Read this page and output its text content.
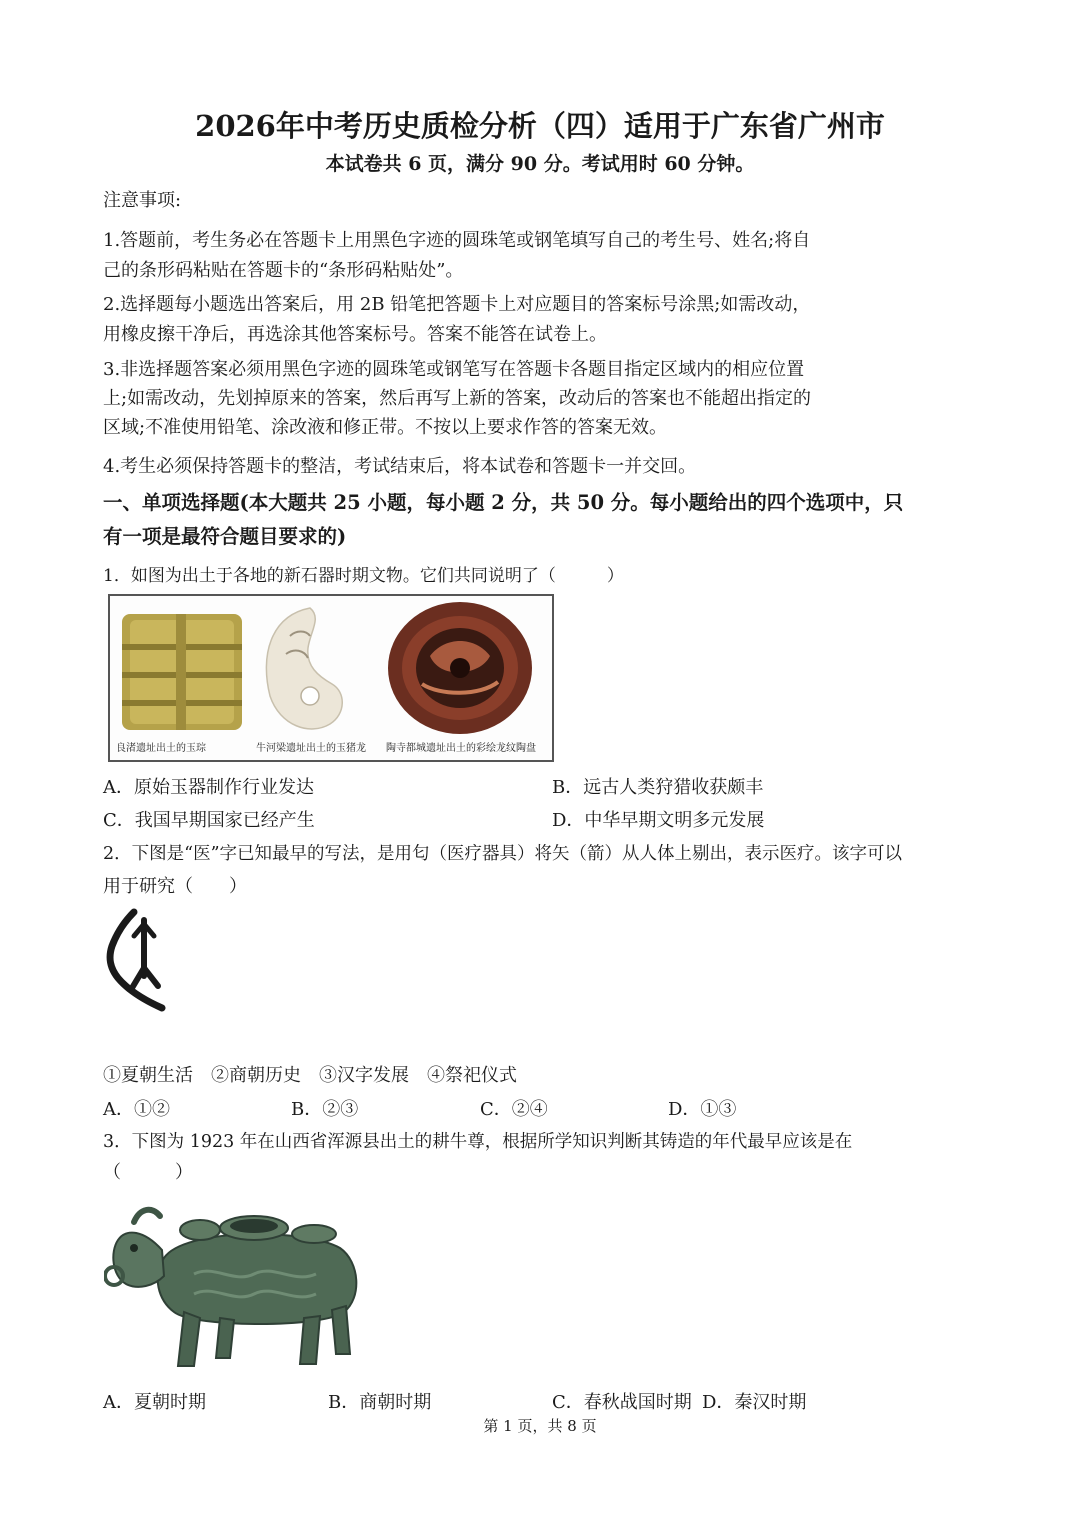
2026年中考历史质检分析（四）适用于广东省广州市
本试卷共 6 页，满分 90 分。考试用时 60 分钟。
注意事项:
1.答题前，考生务必在答题卡上用黑色字迹的圆珠笔或钢笔填写自己的考生号、姓名;将自
己的条形码粘贴在答题卡的“条形码粘贴处”。
2.选择题每小题选出答案后，用 2B 铅笔把答题卡上对应题目的答案标号涂黑;如需改动，
用橡皮擦干净后，再选涂其他答案标号。答案不能答在试卷上。
3.非选择题答案必须用黑色字迹的圆珠笔或钢笔写在答题卡各题目指定区域内的相应位置
上;如需改动，先划掉原来的答案，然后再写上新的答案，改动后的答案也不能超出指定的
区域;不准使用铅笔、涂改液和修正带。不按以上要求作答的答案无效。
4.考生必须保持答题卡的整洁，考试结束后，将本试卷和答题卡一并交回。
一、单项选择题(本大题共 25 小题，每小题 2 分，共 50 分。每小题给出的四个选项中，只
有一项是最符合题目要求的)
1．如图为出土于各地的新石器时期文物。它们共同说明了（　　　）
良渚遗址出土的玉琮	牛河梁遗址出土的玉猪龙 陶寺都城遗址出土的彩绘龙纹陶盘
A．原始玉器制作行业发达	B．远古人类狩猎收获颇丰
C．我国早期国家已经产生	D．中华早期文明多元发展
2．下图是“医”字已知最早的写法，是用匂（医疗器具）将矢（箭）从人体上剔出，表示医疗。该字可以
用于研究（　　）
①夏朝生活　②商朝历史　③汉字发展　④祭祀仪式
A．①②	B．②③	C．②④	D．①③
3．下图为 1923 年在山西省浑源县出土的耕牛尊，根据所学知识判断其铸造的年代最早应该是在
（　　　）
A．夏朝时期	B．商朝时期	C．春秋战国时期 D．秦汉时期
第 1 页，共 8 页
